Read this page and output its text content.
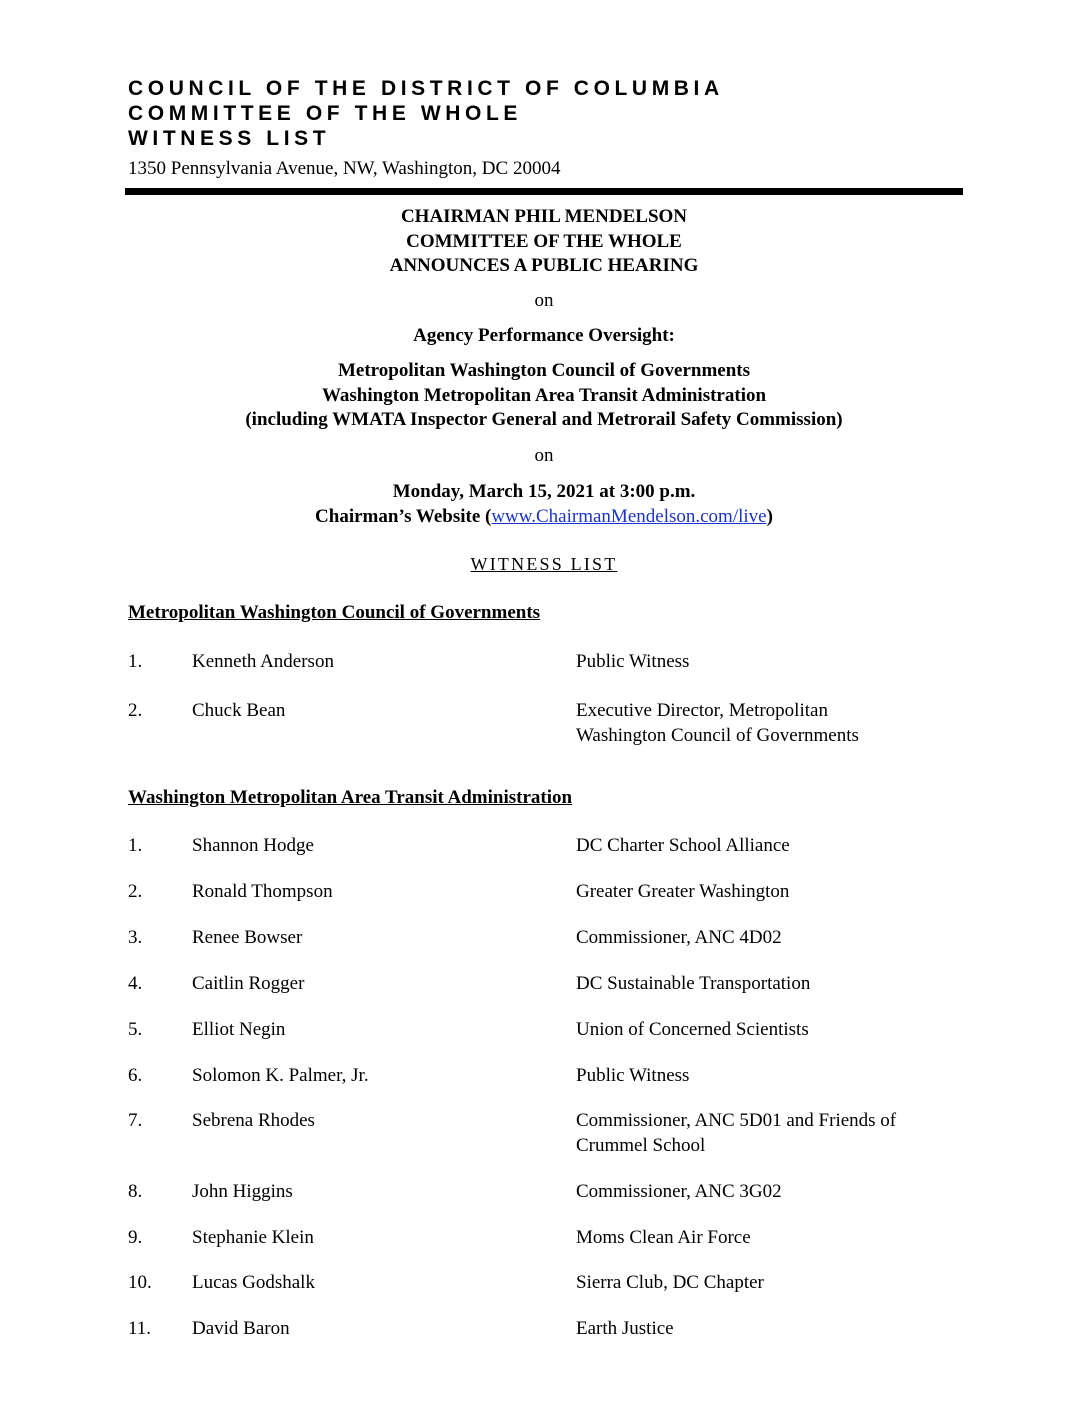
COUNCIL OF THE DISTRICT OF COLUMBIA
COMMITTEE OF THE WHOLE
WITNESS LIST
1350 Pennsylvania Avenue, NW, Washington, DC 20004
CHAIRMAN PHIL MENDELSON
COMMITTEE OF THE WHOLE
ANNOUNCES A PUBLIC HEARING
on
Agency Performance Oversight:
Metropolitan Washington Council of Governments
Washington Metropolitan Area Transit Administration
(including WMATA Inspector General and Metrorail Safety Commission)
on
Monday, March 15, 2021 at 3:00 p.m.
Chairman’s Website (www.ChairmanMendelson.com/live)
WITNESS LIST
Metropolitan Washington Council of Governments
1.	Kenneth Anderson	Public Witness
2.	Chuck Bean	Executive Director, Metropolitan Washington Council of Governments
Washington Metropolitan Area Transit Administration
1.	Shannon Hodge	DC Charter School Alliance
2.	Ronald Thompson	Greater Greater Washington
3.	Renee Bowser	Commissioner, ANC 4D02
4.	Caitlin Rogger	DC Sustainable Transportation
5.	Elliot Negin	Union of Concerned Scientists
6.	Solomon K. Palmer, Jr.	Public Witness
7.	Sebrena Rhodes	Commissioner, ANC 5D01 and Friends of Crummel School
8.	John Higgins	Commissioner, ANC 3G02
9.	Stephanie Klein	Moms Clean Air Force
10.	Lucas Godshalk	Sierra Club, DC Chapter
11.	David Baron	Earth Justice
